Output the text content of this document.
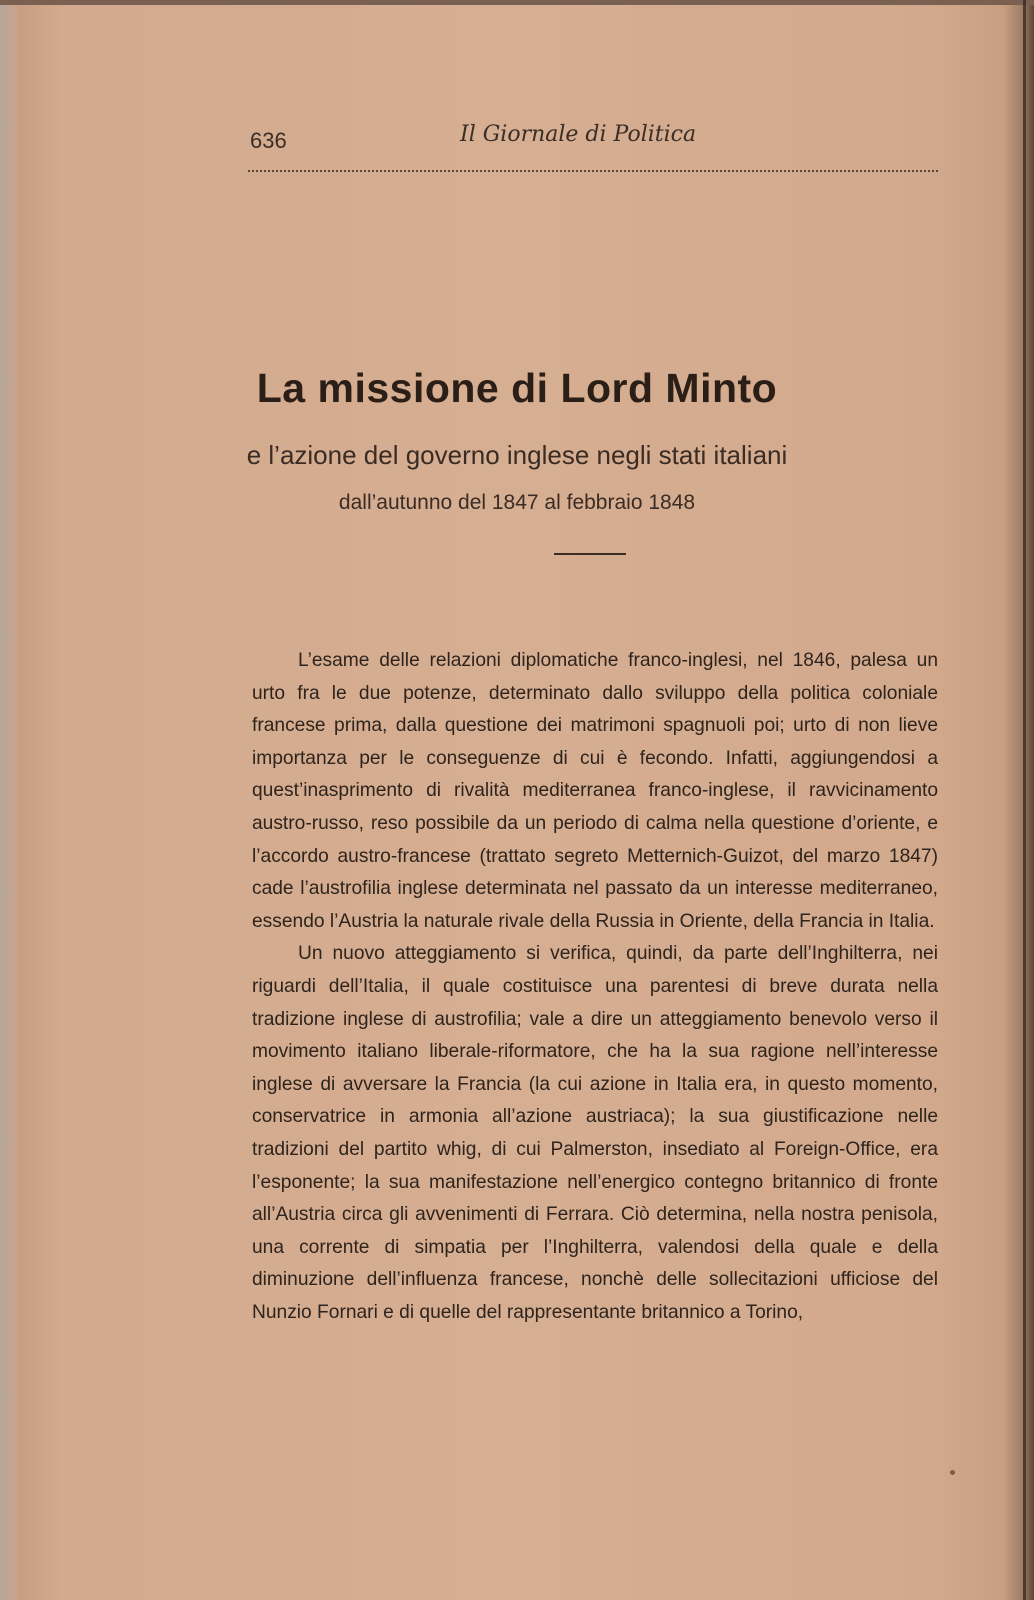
636	Il Giornale di Politica
La missione di Lord Minto
e l’azione del governo inglese negli stati italiani
dall’autunno del 1847 al febbraio 1848

L’esame delle relazioni diplomatiche franco-inglesi, nel 1846, palesa un urto fra le due potenze, determinato dallo sviluppo della politica coloniale francese prima, dalla questione dei matrimoni spagnuoli poi; urto di non lieve importanza per le conseguenze di cui è fecondo. Infatti, aggiungendosi a quest’inasprimento di rivalità mediterranea franco-inglese, il ravvicinamento austro-russo, reso possibile da un periodo di calma nella questione d’oriente, e l’accordo austro-francese (trattato segreto Metternich-Guizot, del marzo 1847) cade l’austrofilia inglese determinata nel passato da un interesse mediterraneo, essendo l’Austria la naturale rivale della Russia in Oriente, della Francia in Italia.

Un nuovo atteggiamento si verifica, quindi, da parte dell’Inghilterra, nei riguardi dell’Italia, il quale costituisce una parentesi di breve durata nella tradizione inglese di austrofilia; vale a dire un atteggiamento benevolo verso il movimento italiano liberale-riformatore, che ha la sua ragione nell’interesse inglese di avversare la Francia (la cui azione in Italia era, in questo momento, conservatrice in armonia all’azione austriaca); la sua giustificazione nelle tradizioni del partito whig, di cui Palmerston, insediato al Foreign-Office, era l’esponente; la sua manifestazione nell’energico contegno britannico di fronte all’Austria circa gli avvenimenti di Ferrara. Ciò determina, nella nostra penisola, una corrente di simpatia per l’Inghilterra, valendosi della quale e della diminuzione dell’influenza francese, nonchè delle sollecitazioni ufficiose del Nunzio Fornari e di quelle del rappresentante britannico a Torino,
